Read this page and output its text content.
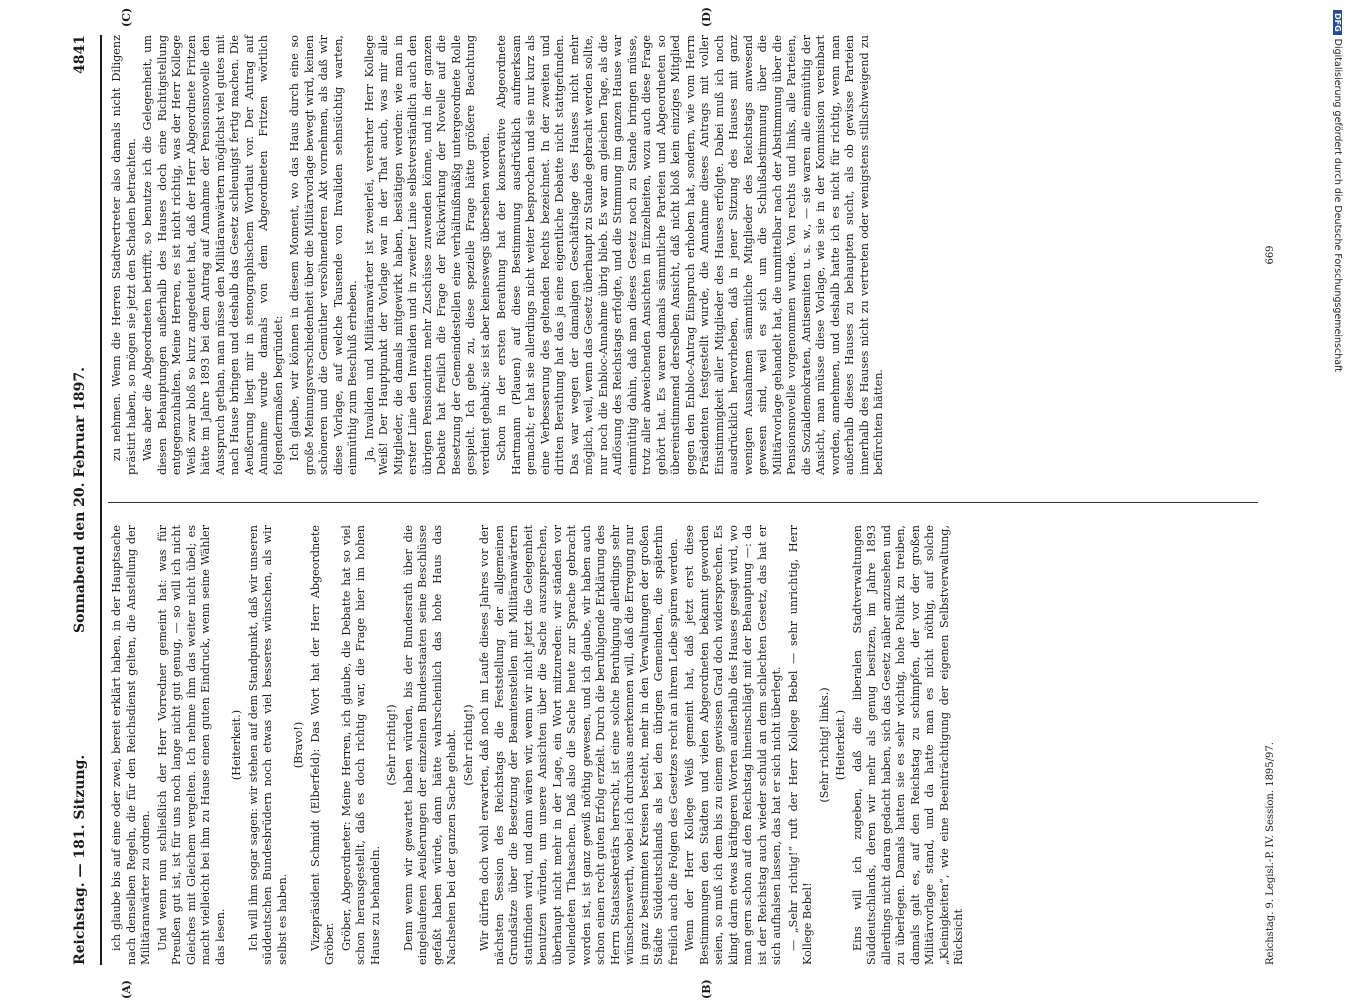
Reichstag. — 181. Sitzung.
Sonnabend den 20. Februar 1897.
4841
(A)	(B)
(C)	(D)

ich glaube bis auf eine oder zwei, bereit erklärt haben, in der Hauptsache nach denselben Regeln, die für den Reichsdienst gelten, die Anstellung der Militäranwärter zu ordnen. Und wenn nun schließlich der Herr Vorredner gemeint hat: was für Preußen gut ist, ist für uns noch lange nicht gut genug, — so will ich nicht Gleiches mit Gleichem vergelten. Ich nehme ihm das weiter nicht übel; es macht vielleicht bei ihm zu Hause einen guten Eindruck, wenn seine Wähler das lesen.

(Heiterkeit.) Ich will ihm sogar sagen: wir stehen auf dem Standpunkt, daß wir unseren süddeutschen Bundesbrüdern noch etwas viel besseres wünschen, als wir selbst es haben.

(Bravo!) Vizepräsident Schmidt (Elberfeld): Das Wort hat der Herr Abgeordnete Gröber. Gröber, Abgeordneter: Meine Herren, ich glaube, die Debatte hat so viel schon herausgestellt, daß es doch richtig war, die Frage hier im hohen Hause zu behandeln.

(Sehr richtig!) Denn wenn wir gewartet haben würden, bis der Bundesrath über die eingelaufenen Aeußerungen der einzelnen Bundesstaaten seine Beschlüsse gefaßt haben würde, dann hätte wahrscheinlich das hohe Haus das Nachsehen bei der ganzen Sache gehabt. (Sehr richtig!) Wir dürfen doch wohl erwarten, daß noch im Laufe dieses Jahres vor der nächsten Session des Reichstags die Feststellung der allgemeinen Grundsätze über die Besetzung der Beamtenstellen mit Militäranwärtern stattfinden wird, und dann wären wir, wenn wir nicht jetzt die Gelegenheit benutzen würden, um unsere Ansichten über die Sache auszusprechen, überhaupt nicht mehr in der Lage, ein Wort mitzureden: wir ständen vor vollendeten Thatsachen. Daß also die Sache heute zur Sprache gebracht worden ist, ist ganz gewiß nöthig gewesen, und ich glaube, wir haben auch schon einen recht guten Erfolg erzielt. Durch die beruhigende Erklärung des Herrn Staatssekretärs herrscht, ist eine solche Beruhigung allerdings sehr wünschenswerth, wobei ich durchaus anerkennen will, daß die Erregung nur in ganz bestimmten Kreisen besteht, mehr in den Verwaltungen der großen Städte Süddeutschlands als bei den übrigen Gemeinden, die späterhin freilich auch die Folgen des Gesetzes recht an ihrem Leibe spüren werden. Wenn der Herr Kollege Weiß gemeint hat, daß jetzt erst diese Bestimmungen den Städten und vielen Abgeordneten bekannt geworden seien, so muß ich dem bis zu einem gewissen Grad doch widersprechen. Es klingt darin etwas kräftigeren Worten außerhalb des Hauses gesagt wird, wo man gern schon auf den Reichstag hineinschlägt mit der Behauptung —: da ist der Reichstag auch wieder schuld an dem schlechten Gesetz, das hat er sich aufhalsen lassen, das hat er sich nicht überlegt. — „Sehr richtig!“ ruft der Herr Kollege Bebel — sehr unrichtig, Herr Kollege Bebel!

(Sehr richtig! links.) (Heiterkeit.) Eins will ich zugeben, daß die liberalen Stadtverwaltungen Süddeutschlands, deren wir mehr als genug besitzen, im Jahre 1893 allerdings nicht daran gedacht haben, sich das Gesetz näher anzusehen und zu überlegen. Damals hatten sie es sehr wichtig, hohe Politik zu treiben, damals galt es, auf den Reichstag zu schimpfen, der vor der großen Militärvorlage stand, und da hatte man es nicht nöthig, auf solche „Kleinigkeiten“, wie eine Beeinträchtigung der eigenen Selbstverwaltung, Rücksicht

zu nehmen. Wenn die Herren Stadtvertreter also damals nicht Diligenz prästirt haben, so mögen sie jetzt den Schaden betrachten. Was aber die Abgeordneten betrifft, so benutze ich die Gelegenheit, um diesen Behauptungen außerhalb des Hauses doch eine Richtigstellung entgegenzuhalten. Meine Herren, es ist nicht richtig, was der Herr Kollege Weiß zwar bloß so kurz angedeutet hat, daß der Herr Abgeordnete Fritzen hätte im Jahre 1893 bei dem Antrag auf Annahme der Pensionsnovelle den Ausspruch gethan, man müsse den Militäranwärtern möglichst viel gutes mit nach Hause bringen und deshalb das Gesetz schleunigst fertig machen. Die Aeußerung liegt mir in stenographischem Wortlaut vor. Der Antrag auf Annahme wurde damals von dem Abgeordneten Fritzen wörtlich folgendermaßen begründet: Ich glaube, wir können in diesem Moment, wo das Haus durch eine so große Meinungsverschiedenheit über die Militärvorlage bewegt wird, keinen schöneren und die Gemüther versöhnenderen Akt vornehmen, als daß wir diese Vorlage, auf welche Tausende von Invaliden sehnsüchtig warten, einmüthig zum Beschluß erheben. Ja, Invaliden und Militäranwärter ist zweierlei, verehrter Herr Kollege Weiß! Der Hauptpunkt der Vorlage war in der That auch, was mir alle Mitglieder, die damals mitgewirkt haben, bestätigen werden: wie man in erster Linie den Invaliden und in zweiter Linie selbstverständlich auch den übrigen Pensionirten mehr Zuschüsse zuwenden könne, und in der ganzen Debatte hat freilich die Frage der Rückwirkung der Novelle auf die Besetzung der Gemeindestellen eine verhältnißmäßig untergeordnete Rolle gespielt. Ich gebe zu, diese spezielle Frage hätte größere Beachtung verdient gehabt; sie ist aber keineswegs übersehen worden. Schon in der ersten Berathung hat der konservative Abgeordnete Hartmann (Plauen) auf diese Bestimmung ausdrücklich aufmerksam gemacht; er hat sie allerdings nicht weiter besprochen und sie nur kurz als eine Verbesserung des geltenden Rechts bezeichnet. In der zweiten und dritten Berathung hat das ja eine eigentliche Debatte nicht stattgefunden. Das war wegen der damaligen Geschäftslage des Hauses nicht mehr möglich, weil, wenn das Gesetz überhaupt zu Stande gebracht werden sollte, nur noch die Enbloc-Annahme übrig blieb. Es war am gleichen Tage, als die Auflösung des Reichstags erfolgte, und die Stimmung im ganzen Hause war einmüthig dahin, daß man dieses Gesetz noch zu Stande bringen müsse, trotz aller abweichenden Ansichten in Einzelheiten, wozu auch diese Frage gehört hat. Es waren damals sämmtliche Parteien und Abgeordneten so übereinstimmend derselben Ansicht, daß nicht bloß kein einziges Mitglied gegen den Enbloc-Antrag Einspruch erhoben hat, sondern, wie vom Herrn Präsidenten festgestellt wurde, die Annahme dieses Antrags mit voller Einstimmigkeit aller Mitglieder des Hauses erfolgte. Dabei muß ich noch ausdrücklich hervorheben, daß in jener Sitzung des Hauses mit ganz wenigen Ausnahmen sämmtliche Mitglieder des Reichstags anwesend gewesen sind, weil es sich um die Schlußabstimmung über die Militärvorlage gehandelt hat, die unmittelbar nach der Abstimmung über die Pensionsnovelle vorgenommen wurde. Von rechts und links, alle Parteien, die Sozialdemokraten, Antisemiten u. s. w., — sie waren alle einmüthig der Ansicht, man müsse diese Vorlage, wie sie in der Kommission vereinbart worden, annehmen, und deshalb hatte ich es nicht für richtig, wenn man außerhalb dieses Hauses zu behaupten sucht, als ob gewisse Parteien innerhalb des Hauses nicht zu vertreten oder wenigstens stillschweigend zu befürchten hätten.

Reichstag. 9. Legisl.-P. IV. Session. 1895/97.
669
DFGDigitalisierung gefördert durch die Deutsche Forschungsgemeinschaft
